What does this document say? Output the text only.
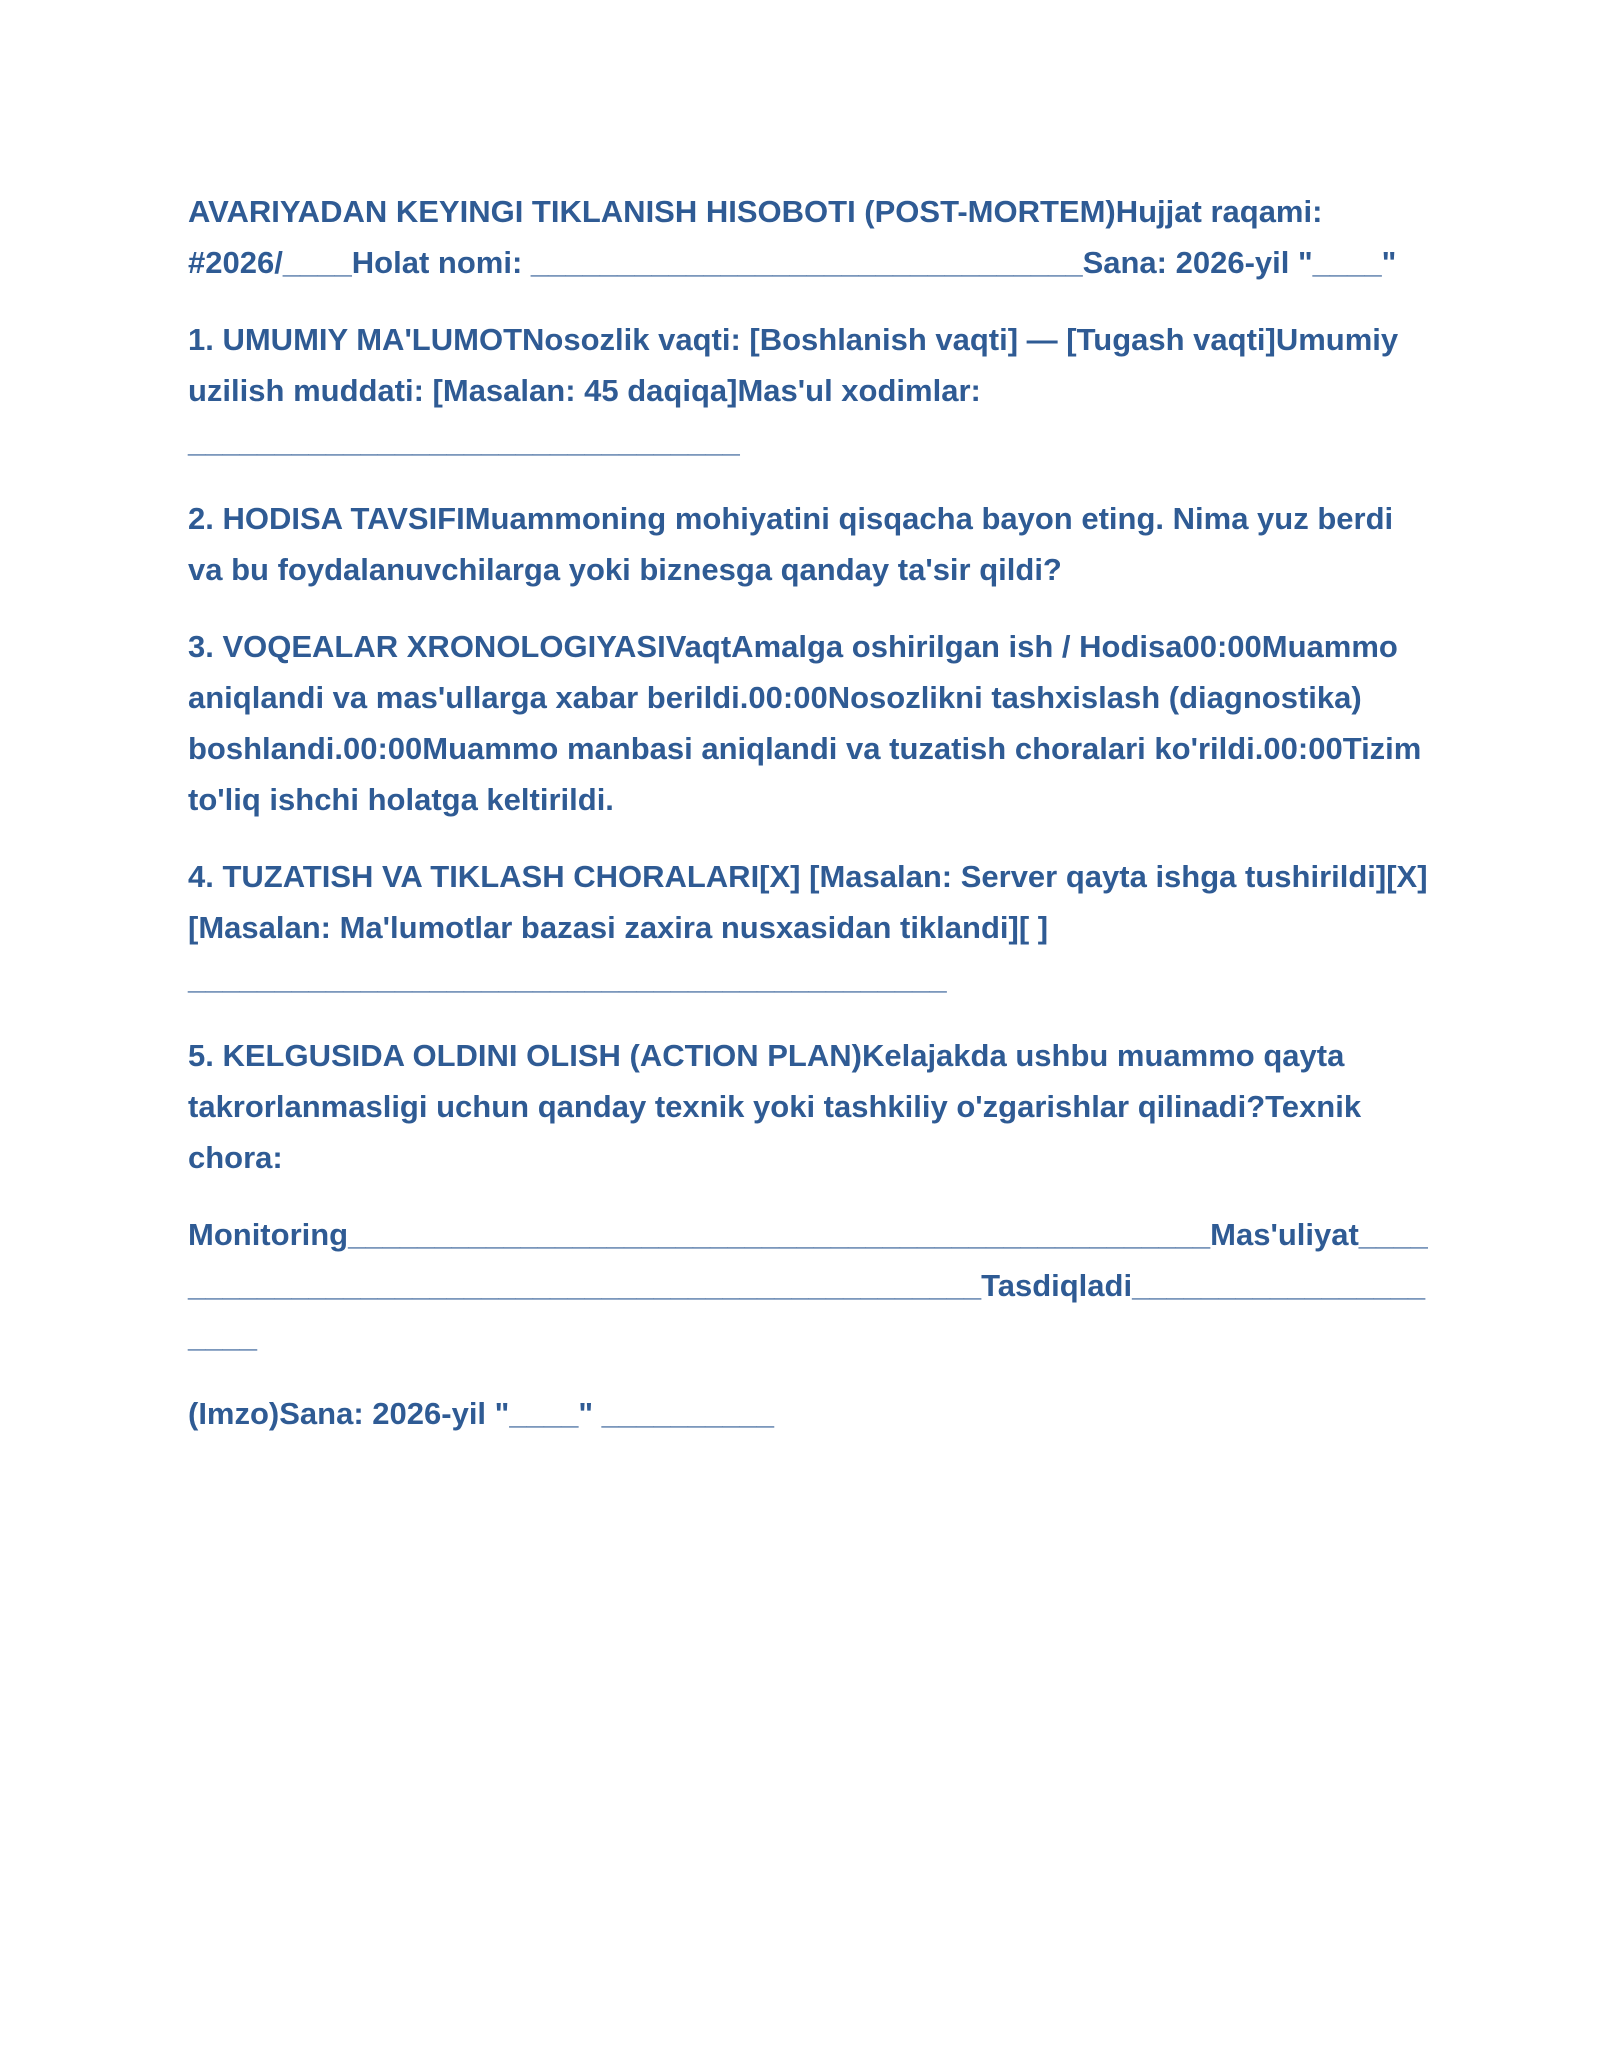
AVARIYADAN KEYINGI TIKLANISH HISOBOTI (POST-MORTEM)Hujjat raqami: #2026/____Holat nomi: ________________________________Sana: 2026-yil "____"

1. UMUMIY MA'LUMOTNosozlik vaqti: [Boshlanish vaqti] — [Tugash vaqti]Umumiy uzilish muddati: [Masalan: 45 daqiqa]Mas'ul xodimlar: ________________________________

2. HODISA TAVSIFIMuammoning mohiyatini qisqacha bayon eting. Nima yuz berdi va bu foydalanuvchilarga yoki biznesga qanday ta'sir qildi?

3. VOQEALAR XRONOLOGIYASIVaqtAmalga oshirilgan ish / Hodisa00:00Muammo aniqlandi va mas'ullarga xabar berildi.00:00Nosozlikni tashxislash (diagnostika) boshlandi.00:00Muammo manbasi aniqlandi va tuzatish choralari ko'rildi.00:00Tizim to'liq ishchi holatga keltirildi.

4. TUZATISH VA TIKLASH CHORALARI[X] [Masalan: Server qayta ishga tushirildi][X] [Masalan: Ma'lumotlar bazasi zaxira nusxasidan tiklandi][ ] ____________________________________________

5. KELGUSIDA OLDINI OLISH (ACTION PLAN)Kelajakda ushbu muammo qayta takrorlanmasligi uchun qanday texnik yoki tashkiliy o'zgarishlar qilinadi?Texnik chora:

Monitoring__________________________________________________Mas'uliyat__________________________________________________Tasdiqladi_____________________

(Imzo)Sana: 2026-yil "____" __________
